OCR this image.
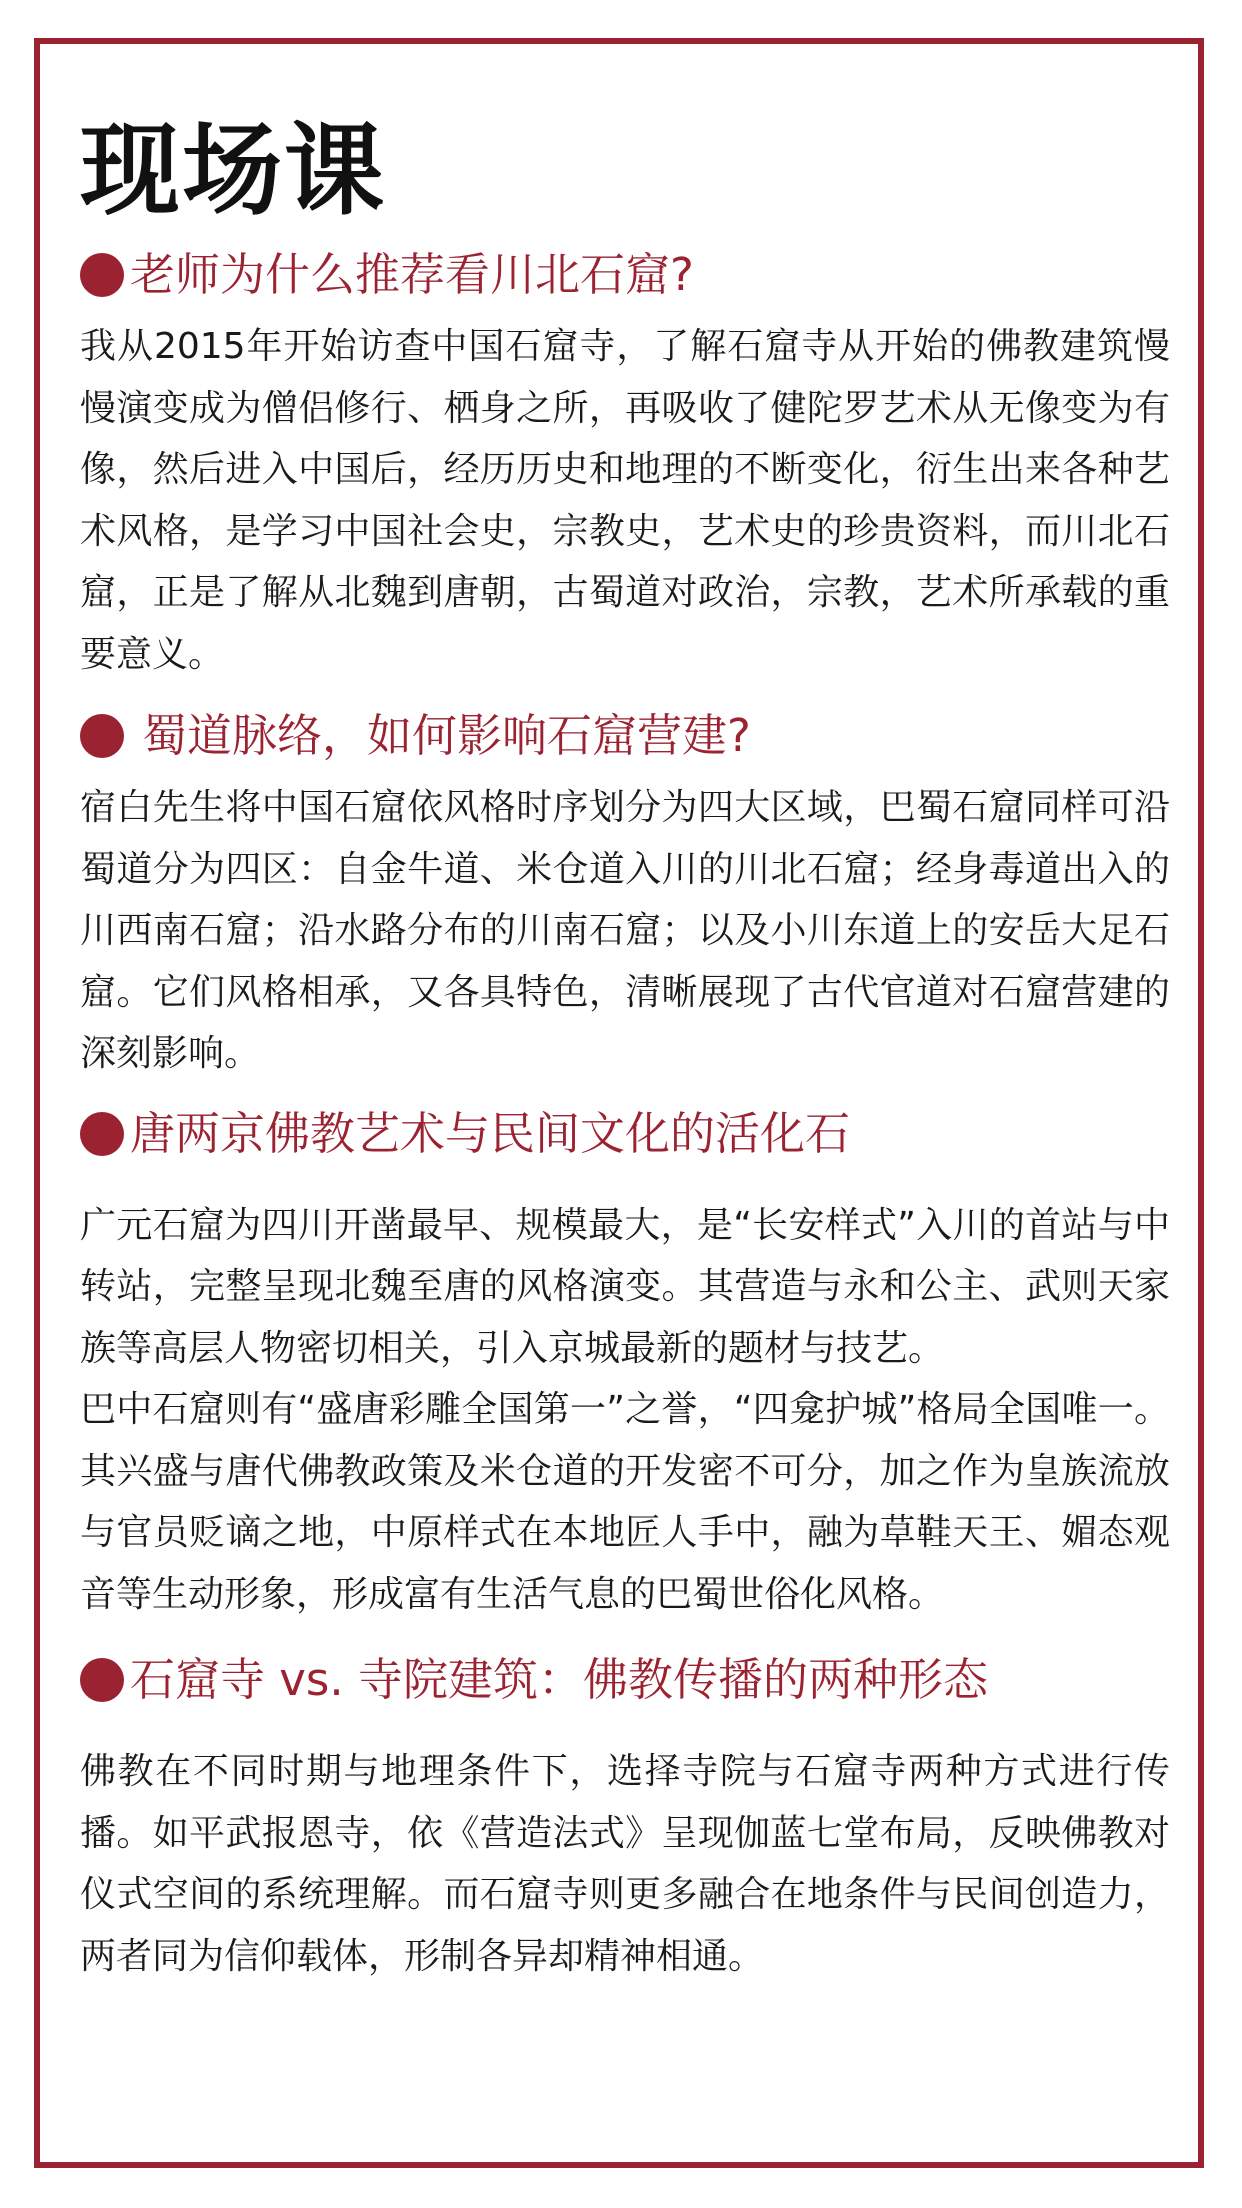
现场课
老师为什么推荐看川北石窟?

我从2015年开始访查中国石窟寺，了解石窟寺从开始的佛教建筑慢慢演变成为僧侣修行、栖身之所，再吸收了健陀罗艺术从无像变为有像，然后进入中国后，经历历史和地理的不断变化，衍生出来各种艺术风格，是学习中国社会史，宗教史，艺术史的珍贵资料，而川北石窟，正是了解从北魏到唐朝，古蜀道对政治，宗教，艺术所承载的重要意义。

蜀道脉络，如何影响石窟营建?

宿白先生将中国石窟依风格时序划分为四大区域，巴蜀石窟同样可沿蜀道分为四区：自金牛道、米仓道入川的川北石窟；经身毒道出入的川西南石窟；沿水路分布的川南石窟；以及小川东道上的安岳大足石窟。它们风格相承，又各具特色，清晰展现了古代官道对石窟营建的深刻影响。

唐两京佛教艺术与民间文化的活化石

广元石窟为四川开凿最早、规模最大，是“长安样式”入川的首站与中转站，完整呈现北魏至唐的风格演变。其营造与永和公主、武则天家族等高层人物密切相关，引入京城最新的题材与技艺。

巴中石窟则有“盛唐彩雕全国第一”之誉，“四龛护城”格局全国唯一。其兴盛与唐代佛教政策及米仓道的开发密不可分，加之作为皇族流放与官员贬谪之地，中原样式在本地匠人手中，融为草鞋天王、媚态观音等生动形象，形成富有生活气息的巴蜀世俗化风格。

石窟寺 vs. 寺院建筑：佛教传播的两种形态

佛教在不同时期与地理条件下，选择寺院与石窟寺两种方式进行传播。如平武报恩寺，依《营造法式》呈现伽蓝七堂布局，反映佛教对仪式空间的系统理解。而石窟寺则更多融合在地条件与民间创造力，两者同为信仰载体，形制各异却精神相通。
